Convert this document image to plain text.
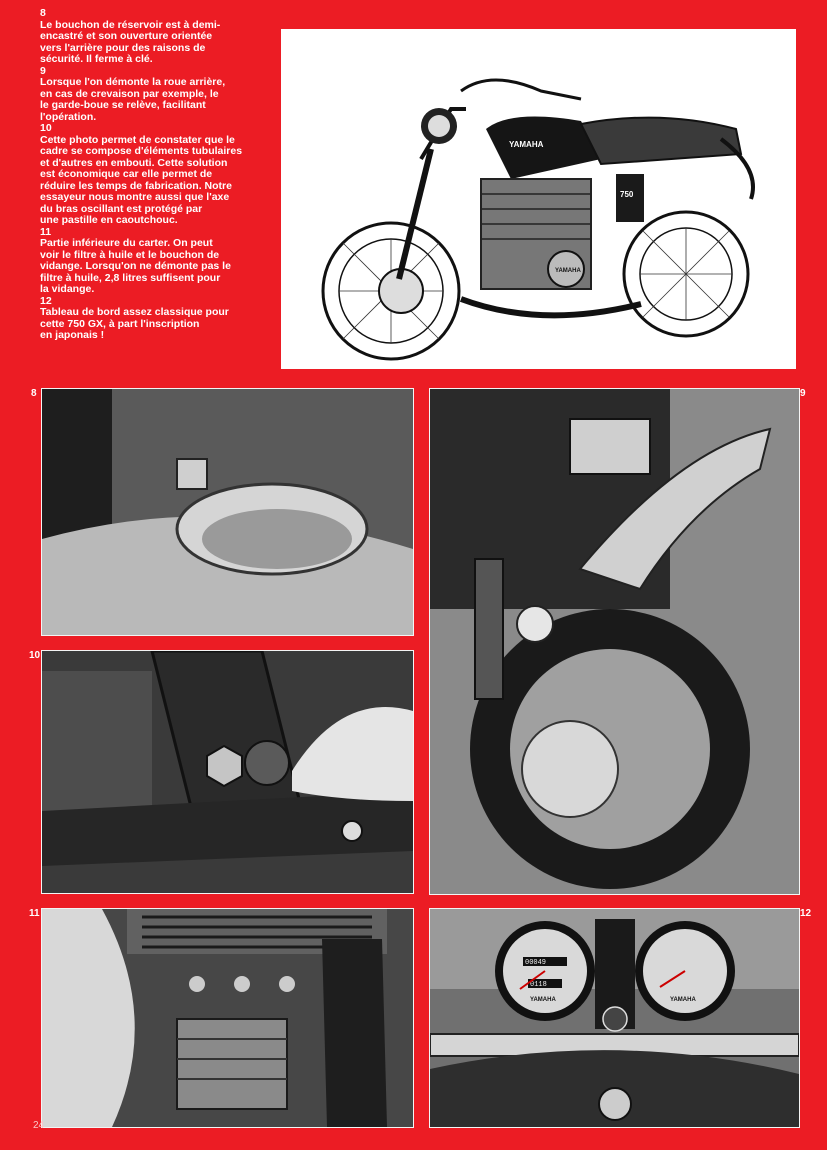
8
Le bouchon de réservoir est à demi-
encastré et son ouverture orientée
vers l'arrière pour des raisons de
sécurité. Il ferme à clé.
9
Lorsque l'on démonte la roue arrière,
en cas de crevaison par exemple, le
le garde-boue se relève, facilitant
l'opération.
10
Cette photo permet de constater que le
cadre se compose d'éléments tubulaires
et d'autres en embouti. Cette solution
est économique car elle permet de
réduire les temps de fabrication. Notre
essayeur nous montre aussi que l'axe
du bras oscillant est protégé par
une pastille en caoutchouc.
11
Partie inférieure du carter. On peut
voir le filtre à huile et le bouchon de
vidange. Lorsqu'on ne démonte pas le
filtre à huile, 2,8 litres suffisent pour
la vidange.
12
Tableau de bord assez classique pour
cette 750 GX, à part l'inscription
en japonais !
YAMAHA
750
YAMAHA
8	9
10
11	12
00049
0118
YAMAHA	YAMAHA
24
